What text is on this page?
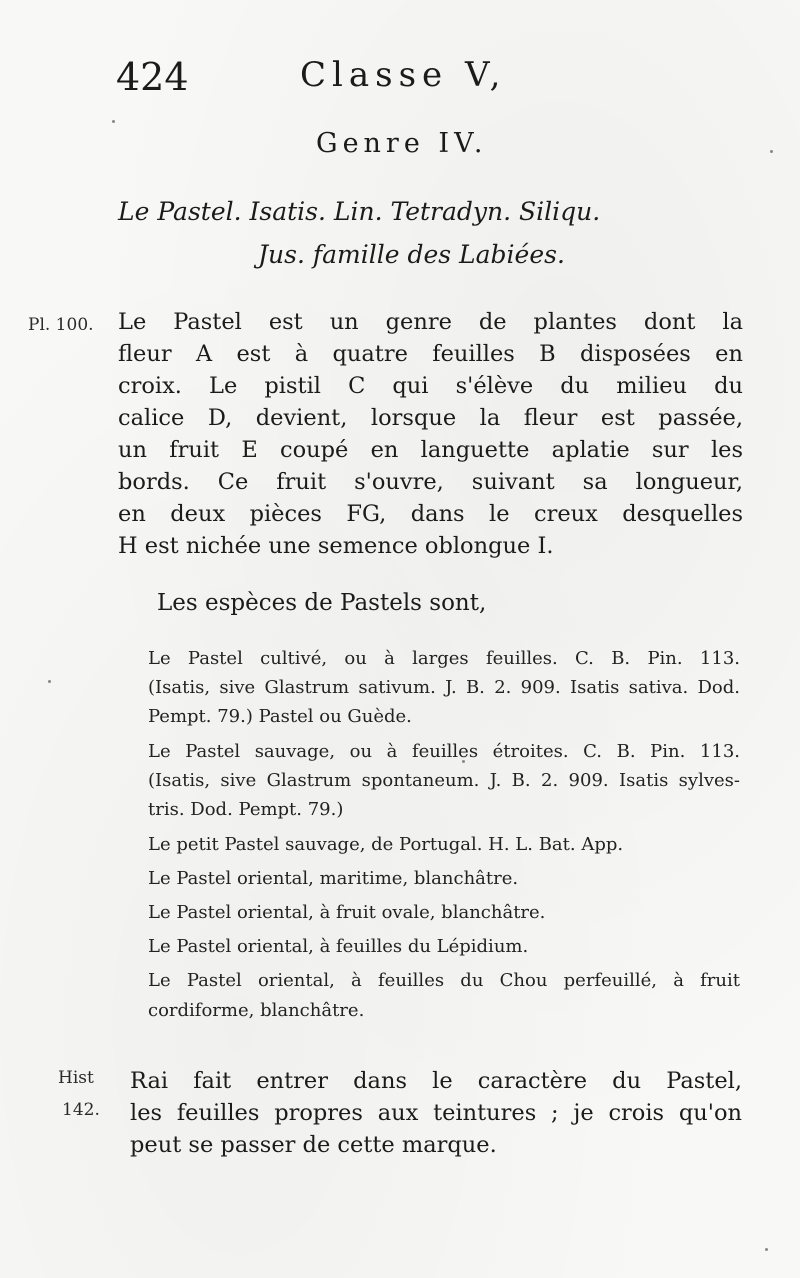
424	Classe V,
Genre IV.
Le Pastel. Isatis. Lin. Tetradyn. Siliqu.
Jus. famille des Labiées.
Pl. 100. Le Pastel est un genre de plantes dont la
fleur A est à quatre feuilles B disposées en
croix. Le pistil C qui s'élève du milieu du
calice D, devient, lorsque la fleur est passée,
un fruit E coupé en languette aplatie sur les
bords. Ce fruit s'ouvre, suivant sa longueur,
en deux pièces FG, dans le creux desquelles
H est nichée une semence oblongue I.
Les espèces de Pastels sont,
Le Pastel cultivé, ou à larges feuilles. C. B. Pin. 113.
(Isatis, sive Glastrum sativum. J. B. 2. 909. Isatis sativa. Dod.
Pempt. 79.) Pastel ou Guède.
Le Pastel sauvage, ou à feuilles étroites. C. B. Pin. 113.
(Isatis, sive Glastrum spontaneum. J. B. 2. 909. Isatis sylves-
tris. Dod. Pempt. 79.)
Le petit Pastel sauvage, de Portugal. H. L. Bat. App.
Le Pastel oriental, maritime, blanchâtre.
Le Pastel oriental, à fruit ovale, blanchâtre.
Le Pastel oriental, à feuilles du Lépidium.
Le Pastel oriental, à feuilles du Chou perfeuillé, à fruit
cordiforme, blanchâtre.
Hist
142.
Rai fait entrer dans le caractère du Pastel,
les feuilles propres aux teintures ; je crois qu'on
peut se passer de cette marque.
